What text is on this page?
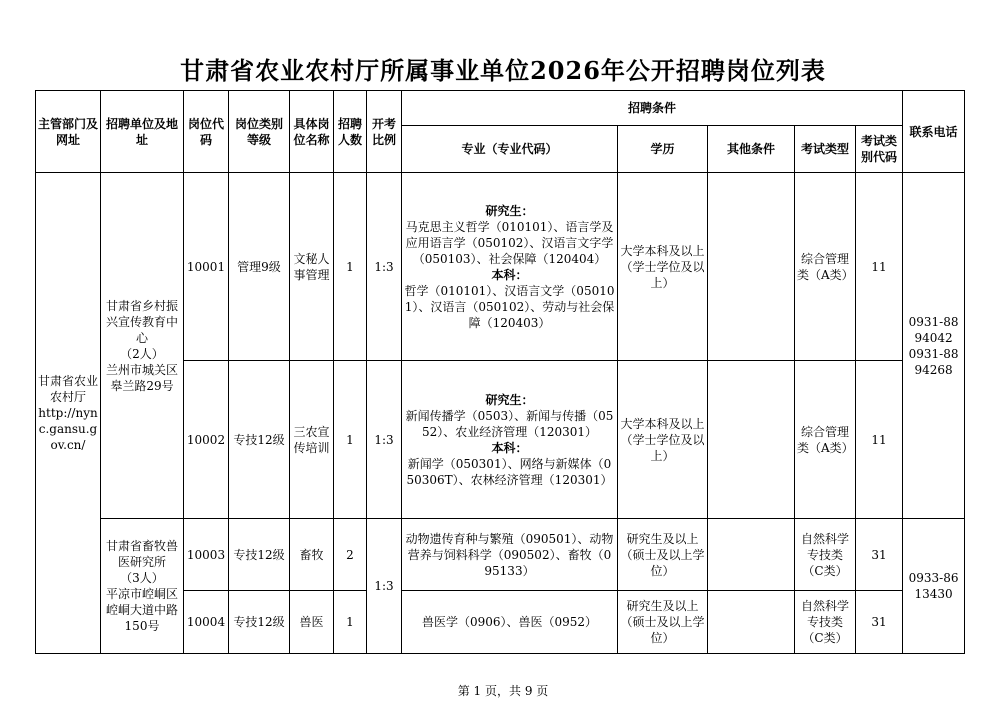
甘肃省农业农村厅所属事业单位2026年公开招聘岗位列表
主管部门及网址	招聘单位及地址	岗位代码	岗位类别等级	具体岗位名称	招聘人数	开考比例	招聘条件					联系电话
							专业（专业代码）	学历	其他条件	考试类型	考试类别代码	

甘肃省农业农村厅
http://nync.gansu.gov.cn/	甘肃省乡村振兴宣传教育中心
（2人）
兰州市城关区皋兰路29号	10001	管理9级	文秘人事管理	1	1:3	研究生：
马克思主义哲学（010101）、语言学及应用语言学（050102）、汉语言文字学（050103）、社会保障（120404）
本科：
哲学（010101）、汉语言文学（050101）、汉语言（050102）、劳动与社会保障（120403）	大学本科及以上（学士学位及以上）		综合管理类（A类）	11	0931-8894042
0931-8894268

		10002	专技12级	三农宣传培训	1	1:3	研究生：
新闻传播学（0503）、新闻与传播（0552）、农业经济管理（120301）
本科：
新闻学（050301）、网络与新媒体（050306T）、农林经济管理（120301）	大学本科及以上（学士学位及以上）		综合管理类（A类）	11	

	甘肃省畜牧兽医研究所
（3人）
平凉市崆峒区崆峒大道中路150号	10003	专技12级	畜牧	2	1:3	动物遗传育种与繁殖（090501）、动物营养与饲料科学（090502）、畜牧（095133）	研究生及以上（硕士及以上学位）		自然科学专技类（C类）	31	0933-8613430

		10004	专技12级	兽医	1		兽医学（0906）、兽医（0952）	研究生及以上（硕士及以上学位）		自然科学专技类（C类）	31	
第 1 页，共 9 页
